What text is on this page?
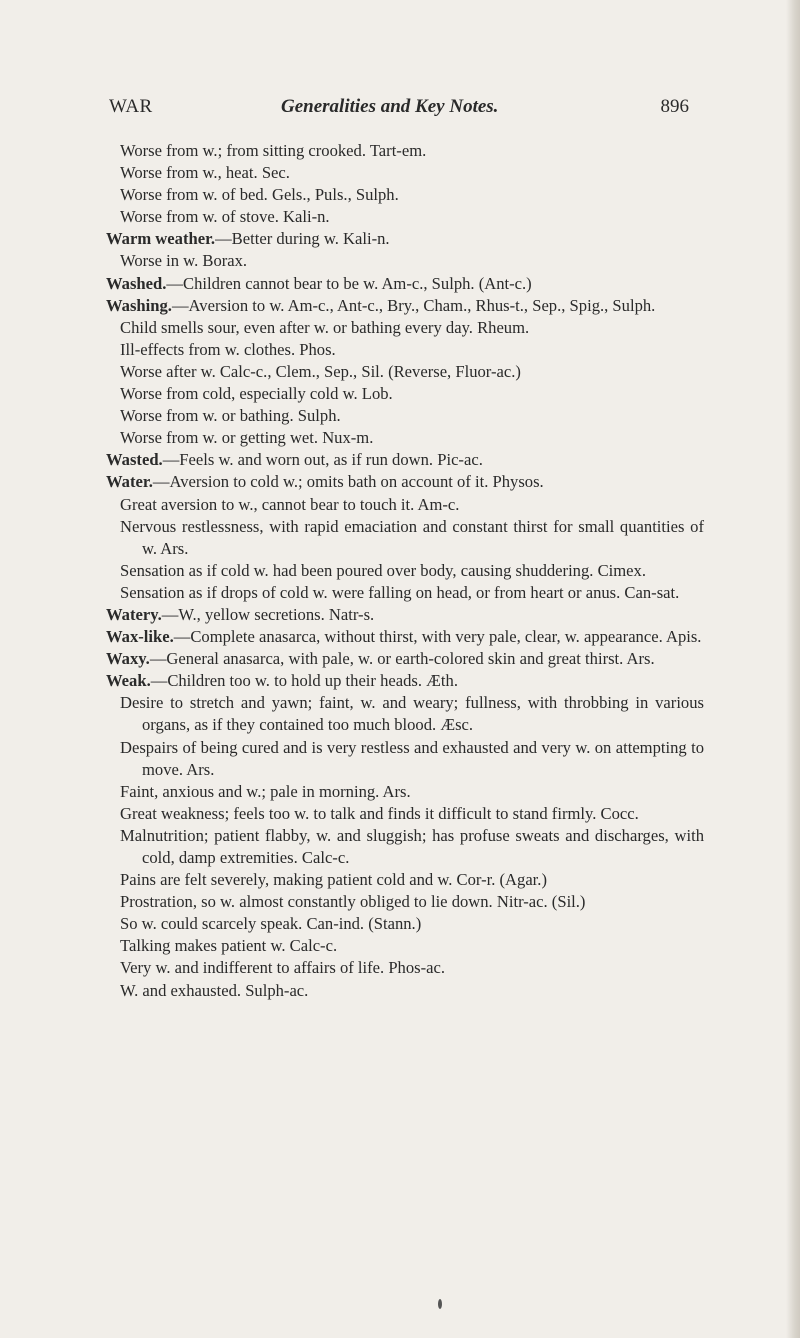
WAR	Generalities and Key Notes.	896

Worse from w.; from sitting crooked. Tart-em.

Worse from w., heat. Sec.

Worse from w. of bed. Gels., Puls., Sulph.

Worse from w. of stove. Kali-n.

Warm weather.—Better during w. Kali-n.

Worse in w. Borax.

Washed.—Children cannot bear to be w. Am-c., Sulph. (Ant-c.)

Washing.—Aversion to w. Am-c., Ant-c., Bry., Cham., Rhus-t., Sep., Spig., Sulph.

Child smells sour, even after w. or bathing every day. Rheum.

Ill-effects from w. clothes. Phos.

Worse after w. Calc-c., Clem., Sep., Sil. (Reverse, Fluor-ac.)

Worse from cold, especially cold w. Lob.

Worse from w. or bathing. Sulph.

Worse from w. or getting wet. Nux-m.

Wasted.—Feels w. and worn out, as if run down. Pic-ac.

Water.—Aversion to cold w.; omits bath on account of it. Physos.

Great aversion to w., cannot bear to touch it. Am-c.

Nervous restlessness, with rapid emaciation and constant thirst for small quantities of w. Ars.

Sensation as if cold w. had been poured over body, causing shuddering. Cimex.

Sensation as if drops of cold w. were falling on head, or from heart or anus. Can-sat.

Watery.—W., yellow secretions. Natr-s.

Wax-like.—Complete anasarca, without thirst, with very pale, clear, w. appearance. Apis.

Waxy.—General anasarca, with pale, w. or earth-colored skin and great thirst. Ars.

Weak.—Children too w. to hold up their heads. Æth.

Desire to stretch and yawn; faint, w. and weary; fullness, with throbbing in various organs, as if they contained too much blood. Æsc.

Despairs of being cured and is very restless and exhausted and very w. on attempting to move. Ars.

Faint, anxious and w.; pale in morning. Ars.

Great weakness; feels too w. to talk and finds it difficult to stand firmly. Cocc.

Malnutrition; patient flabby, w. and sluggish; has profuse sweats and discharges, with cold, damp extremities. Calc-c.

Pains are felt severely, making patient cold and w. Cor-r. (Agar.)

Prostration, so w. almost constantly obliged to lie down. Nitr-ac. (Sil.)

So w. could scarcely speak. Can-ind. (Stann.)

Talking makes patient w. Calc-c.

Very w. and indifferent to affairs of life. Phos-ac.

W. and exhausted. Sulph-ac.
